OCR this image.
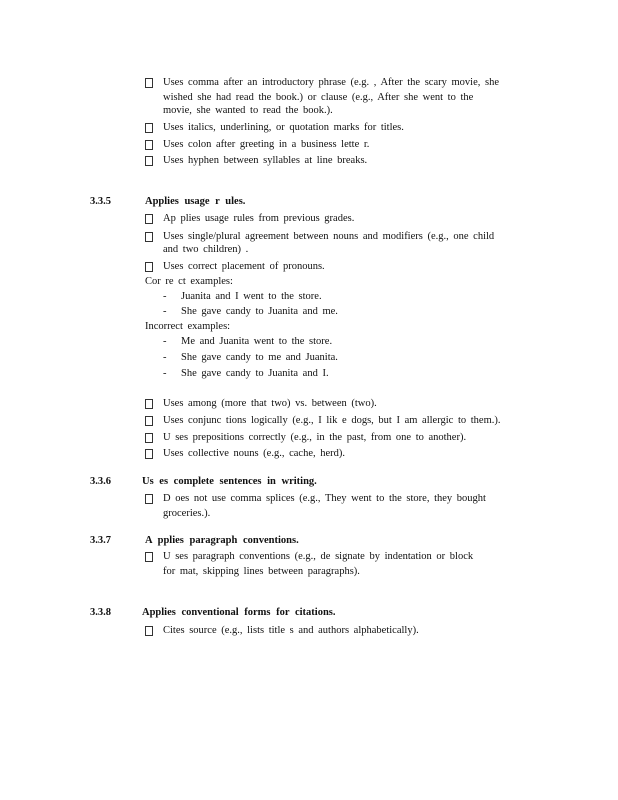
Uses comma after an introductory phrase (e.g. , After the scary movie, she
wished she had read the book.) or clause (e.g., After she went to the
movie, she wanted to read the book.).
Uses italics, underlining, or quotation marks for titles.
Uses colon after greeting in a business lette r.
Uses hyphen between syllables at line breaks.
3.3.5	Applies usage r ules.
Ap plies usage rules from previous grades.
Uses single/plural agreement between nouns and modifiers (e.g., one child
and two children) .
Uses correct placement of pronouns.
Cor re ct examples:
- Juanita and I went to the store.
- She gave candy to Juanita and me.
Incorrect examples:
- Me and Juanita went to the store.
- She gave candy to me and Juanita.
- She gave candy to Juanita and I.
Uses among (more that two) vs. between (two).
Uses conjunc tions logically (e.g., I lik e dogs, but I am allergic to them.).
U ses prepositions correctly (e.g., in the past, from one to another).
Uses collective nouns (e.g., cache, herd).
3.3.6	Us es complete sentences in writing.
D oes not use comma splices (e.g., They went to the store, they bought
groceries.).
3.3.7	A pplies paragraph conventions.
U ses paragraph conventions (e.g., de signate by indentation or block
for mat, skipping lines between paragraphs).
3.3.8	Applies conventional forms for citations.
Cites source (e.g., lists title s and authors alphabetically).
